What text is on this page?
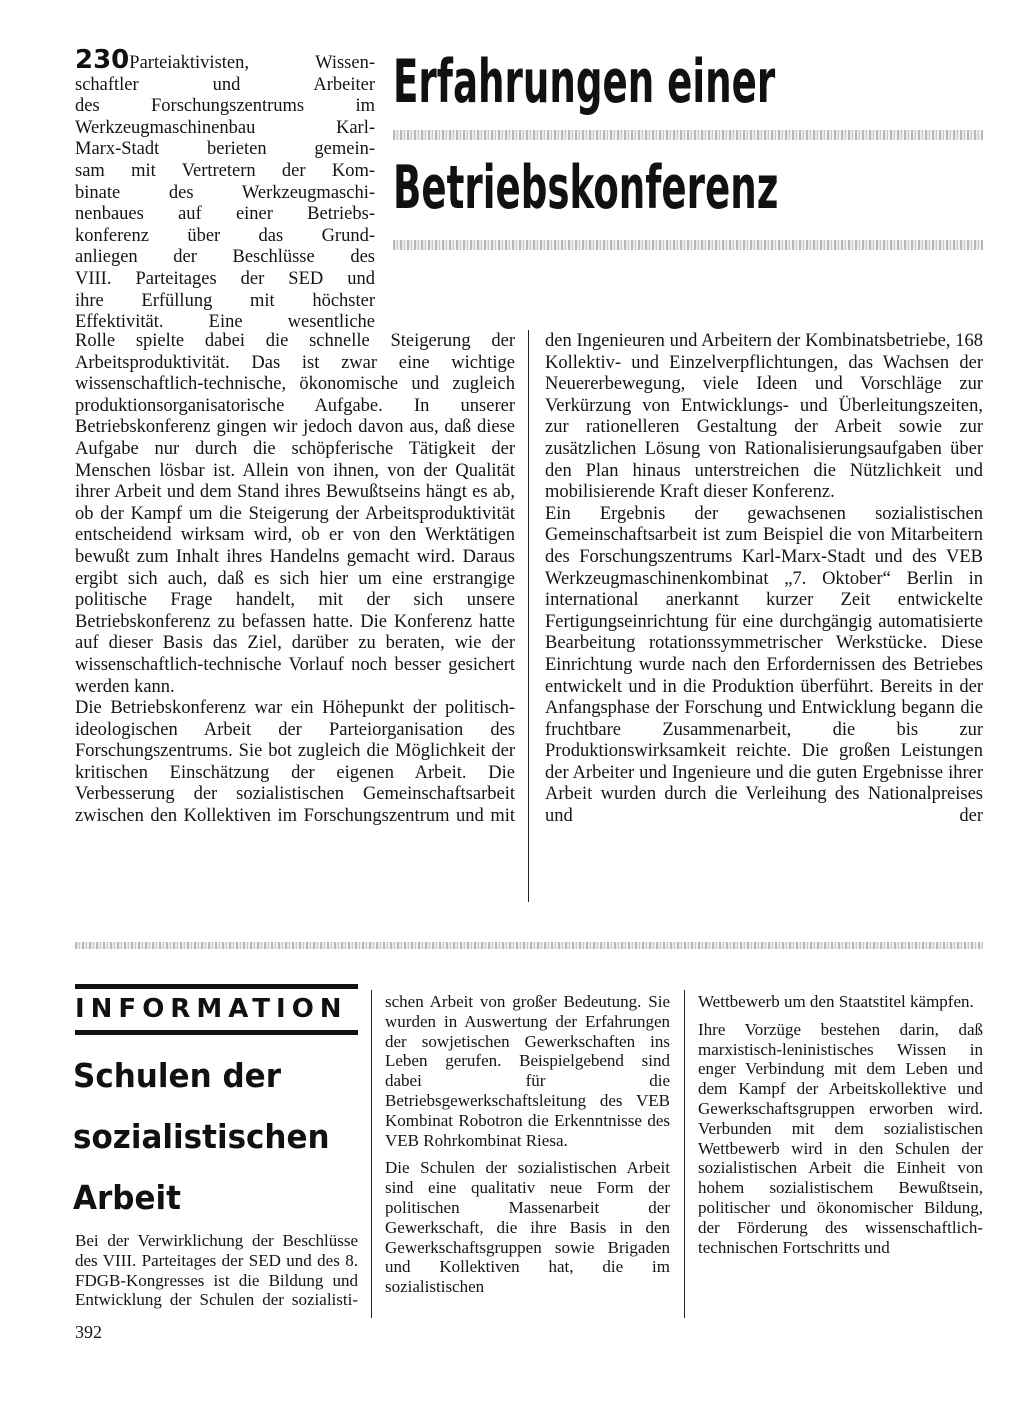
230Parteiaktivisten, Wissen-

schaftler und Arbeiter

des Forschungszentrums im

Werkzeugmaschinenbau Karl-

Marx-Stadt berieten gemein-

sam mit Vertretern der Kom-

binate des Werkzeugmaschi-

nenbaues auf einer Betriebs-

konferenz über das Grund-

anliegen der Beschlüsse des

VIII. Parteitages der SED und

ihre Erfüllung mit höchster

Effektivität. Eine wesentliche

Erfahrungen einer
Betriebskonferenz

Rolle spielte dabei die schnelle Steigerung der Arbeitsproduktivität. Das ist zwar eine wichtige wissenschaftlich-technische, ökonomische und zugleich produktionsorganisatorische Aufgabe. In unserer Betriebskonferenz gingen wir jedoch davon aus, daß diese Aufgabe nur durch die schöpferische Tätigkeit der Menschen lösbar ist. Allein von ihnen, von der Qualität ihrer Arbeit und dem Stand ihres Bewußtseins hängt es ab, ob der Kampf um die Steigerung der Arbeitsproduktivität entscheidend wirksam wird, ob er von den Werktätigen bewußt zum Inhalt ihres Handelns gemacht wird. Daraus ergibt sich auch, daß es sich hier um eine erstrangige politische Frage handelt, mit der sich unsere Betriebskonferenz zu befassen hatte. Die Konferenz hatte auf dieser Basis das Ziel, darüber zu beraten, wie der wissenschaftlich-technische Vorlauf noch besser gesichert werden kann.

Die Betriebskonferenz war ein Höhepunkt der politisch-ideologischen Arbeit der Parteiorganisation des Forschungszentrums. Sie bot zugleich die Möglichkeit der kritischen Einschätzung der eigenen Arbeit. Die Verbesserung der sozialistischen Gemeinschaftsarbeit zwischen den Kollektiven im Forschungszentrum und mit

den Ingenieuren und Arbeitern der Kombinatsbetriebe, 168 Kollektiv- und Einzelverpflichtungen, das Wachsen der Neuererbewegung, viele Ideen und Vorschläge zur Verkürzung von Entwicklungs- und Überleitungszeiten, zur rationelleren Gestaltung der Arbeit sowie zur zusätzlichen Lösung von Rationalisierungsaufgaben über den Plan hinaus unterstreichen die Nützlichkeit und mobilisierende Kraft dieser Konferenz.

Ein Ergebnis der gewachsenen sozialistischen Gemeinschaftsarbeit ist zum Beispiel die von Mitarbeitern des Forschungszentrums Karl-Marx-Stadt und des VEB Werkzeugmaschinenkombinat „7. Oktober“ Berlin in international anerkannt kurzer Zeit entwickelte Fertigungseinrichtung für eine durchgängig automatisierte Bearbeitung rotationssymmetrischer Werkstücke. Diese Einrichtung wurde nach den Erfordernissen des Betriebes entwickelt und in die Produktion überführt. Bereits in der Anfangsphase der Forschung und Entwicklung begann die fruchtbare Zusammenarbeit, die bis zur Produktionswirksamkeit reichte. Die großen Leistungen der Arbeiter und Ingenieure und die guten Ergebnisse ihrer Arbeit wurden durch die Verleihung des Nationalpreises und der

INFORMATION
Schulen der
sozialistischen
Arbeit

Bei der Verwirklichung der Beschlüsse des VIII. Parteitages der SED und des 8. FDGB-Kongresses ist die Bildung und Entwicklung der Schulen der sozialisti-

schen Arbeit von großer Bedeutung. Sie wurden in Auswertung der Erfahrungen der sowjetischen Gewerkschaften ins Leben gerufen. Beispielgebend sind dabei für die Betriebsgewerkschaftsleitung des VEB Kombinat Robotron die Erkenntnisse des VEB Rohrkombinat Riesa.

Die Schulen der sozialistischen Arbeit sind eine qualitativ neue Form der politischen Massenarbeit der Gewerkschaft, die ihre Basis in den Gewerkschaftsgruppen sowie Brigaden und Kollektiven hat, die im sozialistischen

Wettbewerb um den Staatstitel kämpfen.

Ihre Vorzüge bestehen darin, daß marxistisch-leninistisches Wissen in enger Verbindung mit dem Leben und dem Kampf der Arbeitskollektive und Gewerkschaftsgruppen erworben wird. Verbunden mit dem sozialistischen Wettbewerb wird in den Schulen der sozialistischen Arbeit die Einheit von hohem sozialistischem Bewußtsein, politischer und ökonomischer Bildung, der Förderung des wissenschaftlich-technischen Fortschritts und

392
